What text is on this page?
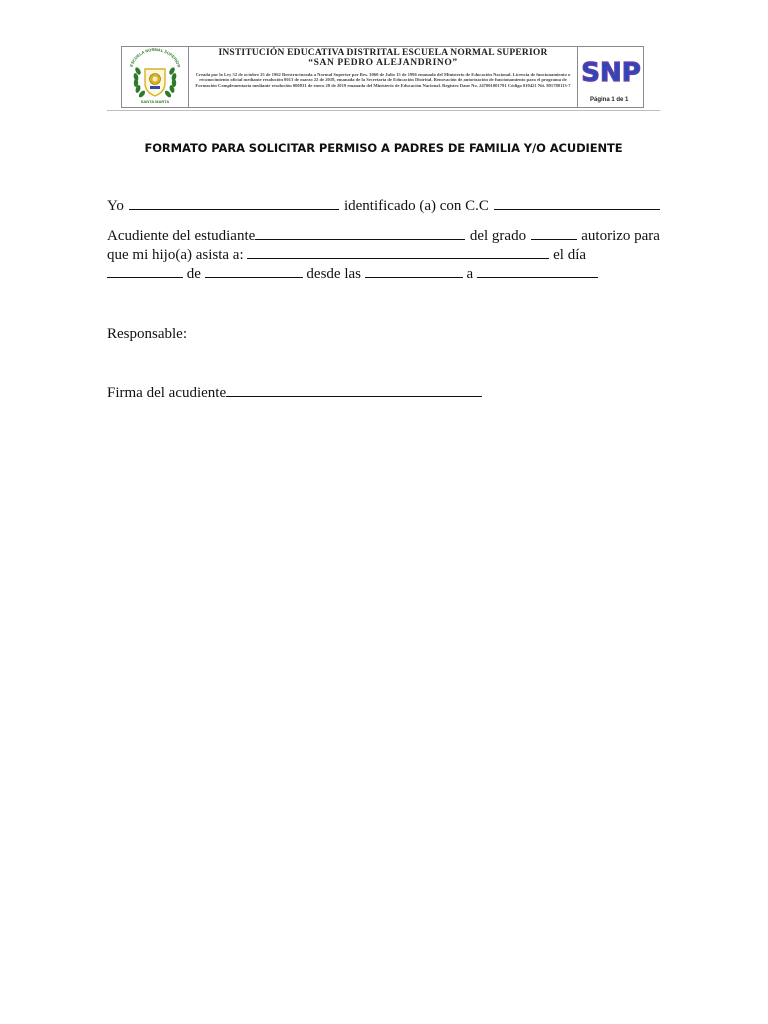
ESCUELA NORMAL SUPERIOR
SANTA MARTA
INSTITUCIÓN EDUCATIVA DISTRITAL ESCUELA NORMAL SUPERIOR
“SAN PEDRO ALEJANDRINO”
Creada por la Ley 52 de octubre 25 de 1962 Reestructurada a Normal Superior por Res. 3060 de Julio 15 de 1996 emanada del Ministerio de Educación Nacional. Licencia de funcionamiento o reconocimiento oficial mediante resolución 0013 de marzo 22 de 2018, emanada de la Secretaría de Educación Distrital. Renovación de autorización de funcionamiento para el programa de Formación Complementaria mediante resolución 000831 de enero 28 de 2019 emanada del Ministerio de Educación Nacional. Registro Dane No. 247001001791 Código 010421 Nit. 891780113-7 SNP
Página 1 de 1
FORMATO PARA SOLICITAR PERMISO A PADRES DE FAMILIA Y/O ACUDIENTE
Yo	identificado (a) con C.C
Acudiente del estudiante	del grado	autorizo para
que mi hijo(a) asista a:	el día
de	desde las	a
Responsable:
Firma del acudiente
